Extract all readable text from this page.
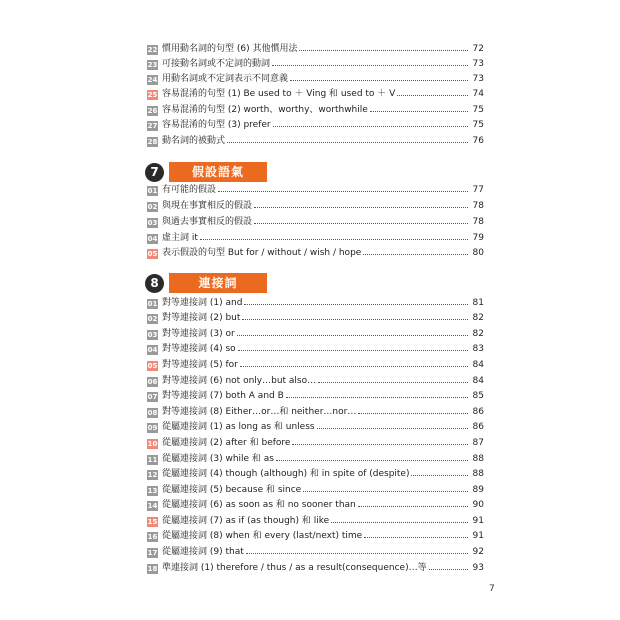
7	假設語氣
8	連接詞
22 慣用動名詞的句型 (6) 其他慣用法	72
23 可接動名詞或不定詞的動詞	73
24 用動名詞或不定詞表示不同意義	73
25 容易混淆的句型 (1) Be used to ＋ Ving 和 used to ＋ V	74
26 容易混淆的句型 (2) worth、worthy、worthwhile	75
27 容易混淆的句型 (3) prefer	75
28 動名詞的被動式	76
01 有可能的假設	77
02 與現在事實相反的假設	78
03 與過去事實相反的假設	78
04 虛主詞 it	79
05 表示假設的句型 But for / without / wish / hope	80
01 對等連接詞 (1) and	81
02 對等連接詞 (2) but	82
03 對等連接詞 (3) or	82
04 對等連接詞 (4) so	83
05 對等連接詞 (5) for	84
06 對等連接詞 (6) not only…but also…	84
07 對等連接詞 (7) both A and B	85
08 對等連接詞 (8) Either…or…和 neither…nor…	86
09 從屬連接詞 (1) as long as 和 unless	86
10 從屬連接詞 (2) after 和 before	87
11 從屬連接詞 (3) while 和 as	88
12 從屬連接詞 (4) though (although) 和 in spite of (despite)	88
13 從屬連接詞 (5) because 和 since	89
14 從屬連接詞 (6) as soon as 和 no sooner than	90
15 從屬連接詞 (7) as if (as though) 和 like	91
16 從屬連接詞 (8) when 和 every (last/next) time	91
17 從屬連接詞 (9) that	92
18 準連接詞 (1) therefore / thus / as a result(consequence)…等	93
7
